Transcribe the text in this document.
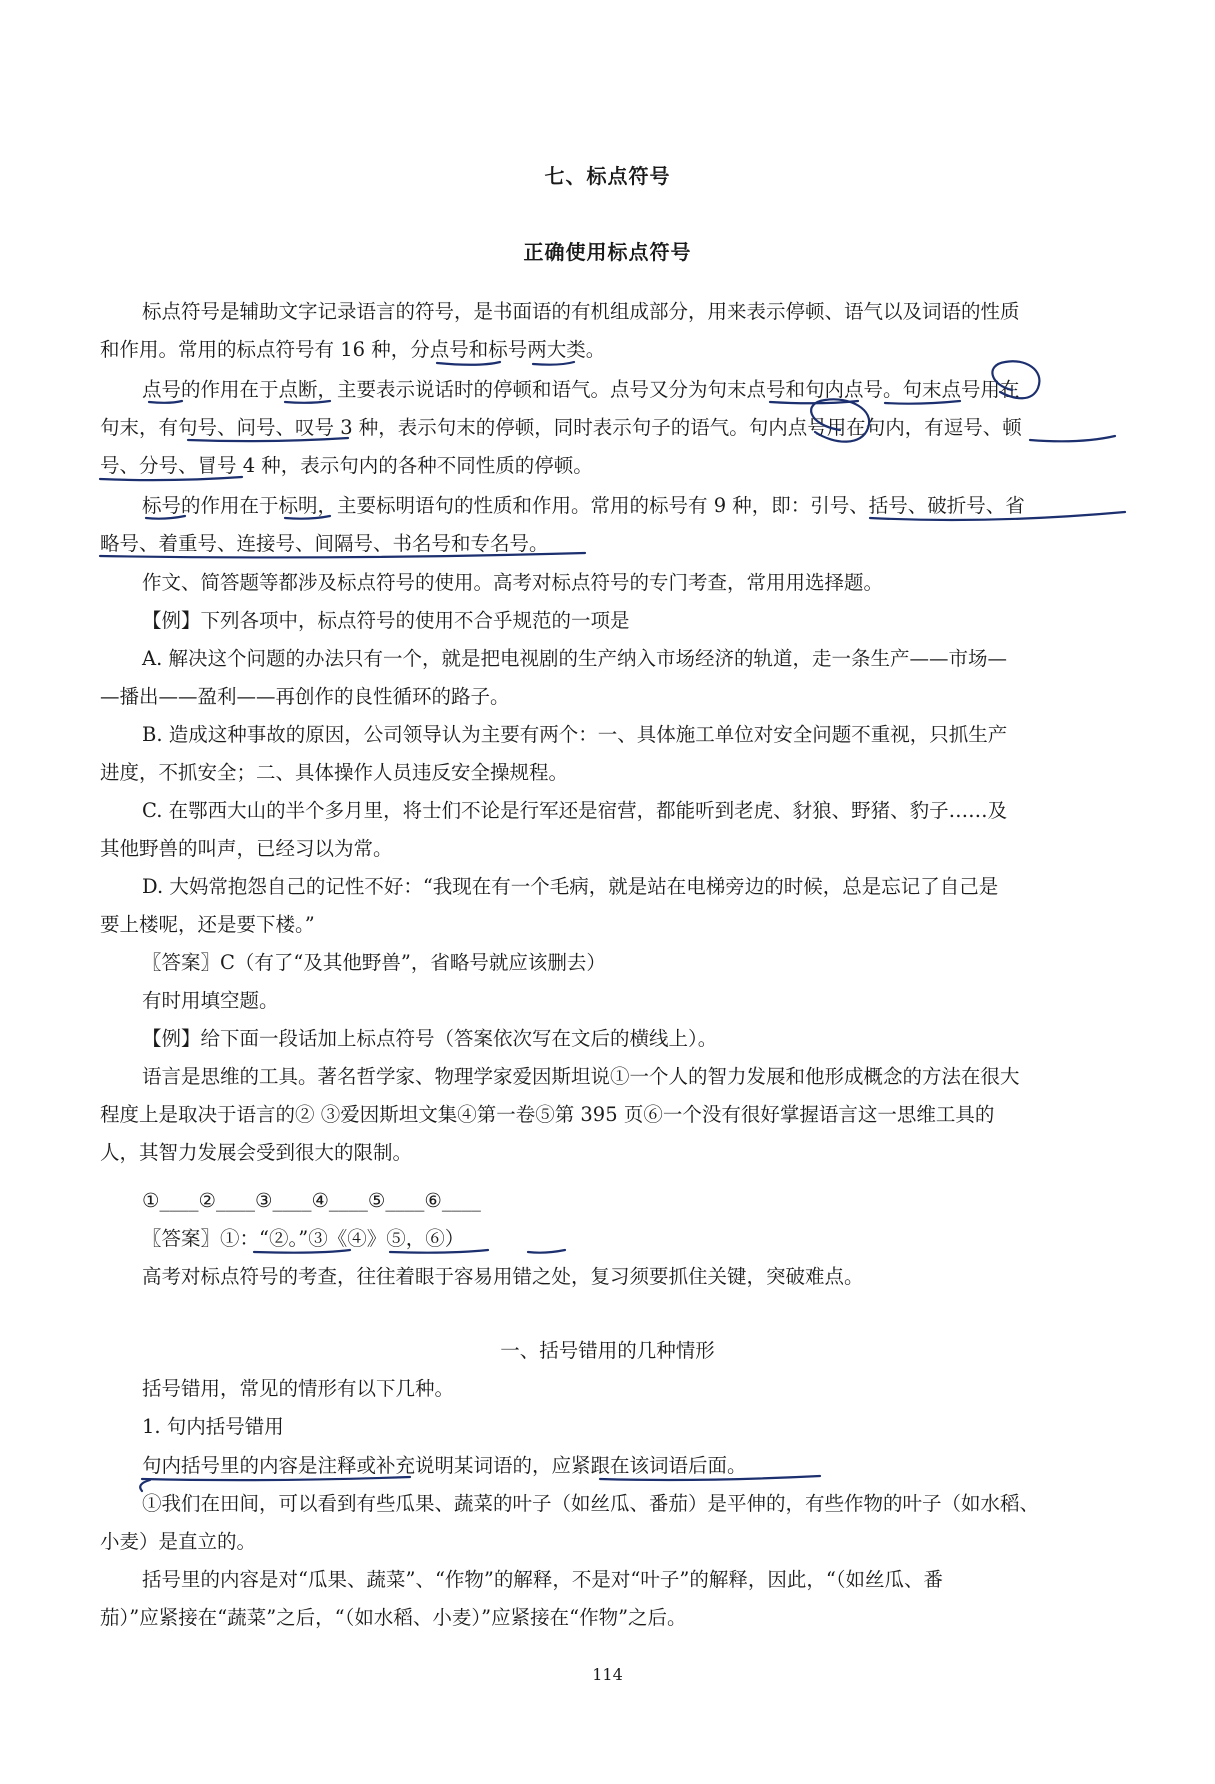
七、标点符号
正确使用标点符号
标点符号是辅助文字记录语言的符号，是书面语的有机组成部分，用来表示停顿、语气以及词语的性质
和作用。常用的标点符号有 16 种，分点号和标号两大类。
点号的作用在于点断，主要表示说话时的停顿和语气。点号又分为句末点号和句内点号。句末点号用在
句末，有句号、问号、叹号 3 种，表示句末的停顿，同时表示句子的语气。句内点号用在句内，有逗号、顿
号、分号、冒号 4 种，表示句内的各种不同性质的停顿。
标号的作用在于标明，主要标明语句的性质和作用。常用的标号有 9 种，即：引号、括号、破折号、省
略号、着重号、连接号、间隔号、书名号和专名号。
作文、简答题等都涉及标点符号的使用。高考对标点符号的专门考查，常用用选择题。
【例】下列各项中，标点符号的使用不合乎规范的一项是
A. 解决这个问题的办法只有一个，就是把电视剧的生产纳入市场经济的轨道，走一条生产——市场—
—播出——盈利——再创作的良性循环的路子。
B. 造成这种事故的原因，公司领导认为主要有两个：一、具体施工单位对安全问题不重视，只抓生产
进度，不抓安全；二、具体操作人员违反安全操规程。
C. 在鄂西大山的半个多月里，将士们不论是行军还是宿营，都能听到老虎、豺狼、野猪、豹子……及
其他野兽的叫声，已经习以为常。
D. 大妈常抱怨自己的记性不好：“我现在有一个毛病，就是站在电梯旁边的时候，总是忘记了自己是
要上楼呢，还是要下楼。”
〖答案〗C（有了“及其他野兽”，省略号就应该删去）
有时用填空题。
【例】给下面一段话加上标点符号（答案依次写在文后的横线上）。
语言是思维的工具。著名哲学家、物理学家爱因斯坦说①一个人的智力发展和他形成概念的方法在很大
程度上是取决于语言的② ③爱因斯坦文集④第一卷⑤第 395 页⑥一个没有很好掌握语言这一思维工具的
人，其智力发展会受到很大的限制。
①____②____③____④____⑤____⑥____
〖答案〗①：“②。”③《④》⑤，⑥）
高考对标点符号的考查，往往着眼于容易用错之处，复习须要抓住关键，突破难点。
一、括号错用的几种情形
括号错用，常见的情形有以下几种。
1. 句内括号错用
句内括号里的内容是注释或补充说明某词语的，应紧跟在该词语后面。
①我们在田间，可以看到有些瓜果、蔬菜的叶子（如丝瓜、番茄）是平伸的，有些作物的叶子（如水稻、
小麦）是直立的。
括号里的内容是对“瓜果、蔬菜”、“作物”的解释，不是对“叶子”的解释，因此，“（如丝瓜、番
茄）”应紧接在“蔬菜”之后，“（如水稻、小麦）”应紧接在“作物”之后。
114
